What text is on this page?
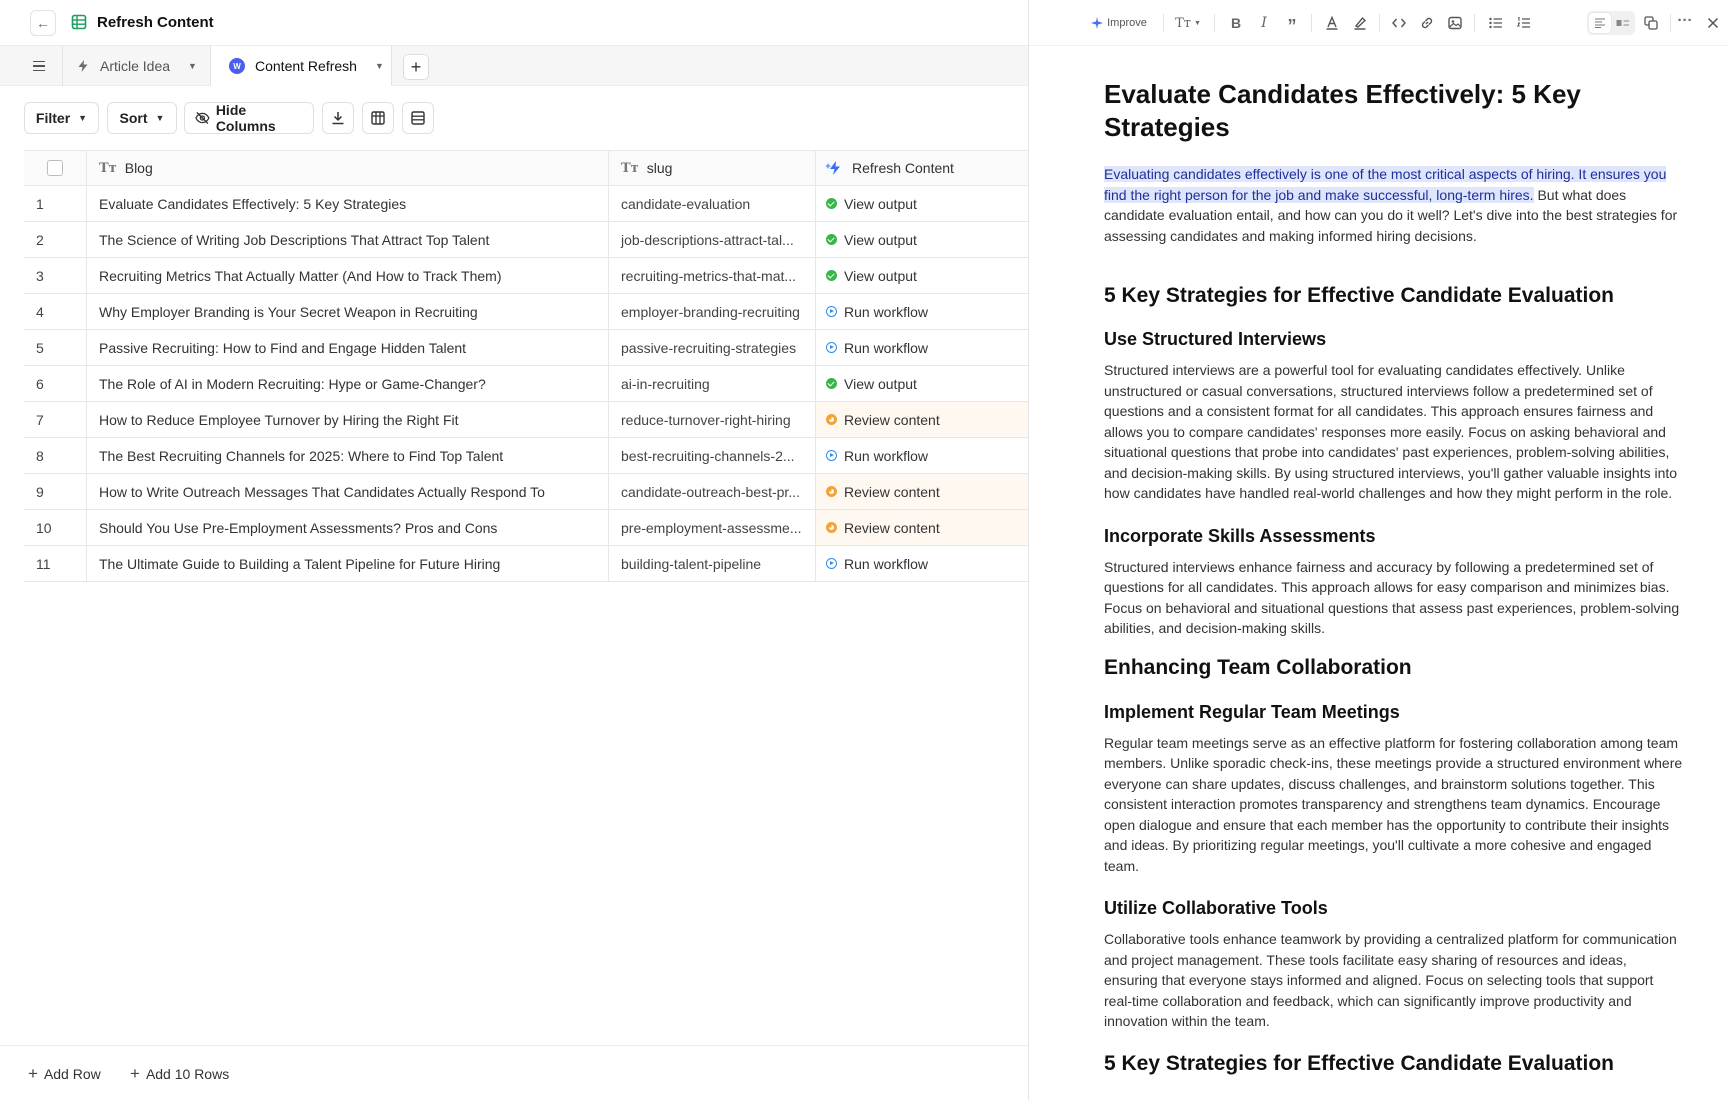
←	Refresh Content
Article Idea ▼	W	Content Refresh ▼ +
Filter ▼ Sort ▼	Hide Columns
Tт Blog	Tт slug	Refresh Content
1	Evaluate Candidates Effectively: 5 Key Strategies	candidate-evaluation	View output
2	The Science of Writing Job Descriptions That Attract Top Talent	job-descriptions-attract-tal...	View output
3	Recruiting Metrics That Actually Matter (And How to Track Them)	recruiting-metrics-that-mat...	View output
4	Why Employer Branding is Your Secret Weapon in Recruiting	employer-branding-recruiting	Run workflow
5	Passive Recruiting: How to Find and Engage Hidden Talent	passive-recruiting-strategies	Run workflow
6	The Role of AI in Modern Recruiting: Hype or Game-Changer?	ai-in-recruiting	View output
7	How to Reduce Employee Turnover by Hiring the Right Fit	reduce-turnover-right-hiring	Review content
8	The Best Recruiting Channels for 2025: Where to Find Top Talent	best-recruiting-channels-2...	Run workflow
9	How to Write Outreach Messages That Candidates Actually Respond To	candidate-outreach-best-pr...	Review content
10	Should You Use Pre-Employment Assessments? Pros and Cons	pre-employment-assessme...	Review content
11	The Ultimate Guide to Building a Talent Pipeline for Future Hiring	building-talent-pipeline	Run workflow
+ Add Row + Add 10 Rows
Improve Tт ▼ B I ”	···
Evaluate Candidates Effectively: 5 Key Strategies

Evaluating candidates effectively is one of the most critical aspects of hiring. It ensures you find the right person for the job and make successful, long-term hires. But what does candidate evaluation entail, and how can you do it well? Let's dive into the best strategies for assessing candidates and making informed hiring decisions.

5 Key Strategies for Effective Candidate Evaluation
Use Structured Interviews

Structured interviews are a powerful tool for evaluating candidates effectively. Unlike unstructured or casual conversations, structured interviews follow a predetermined set of questions and a consistent format for all candidates. This approach ensures fairness and allows you to compare candidates' responses more easily. Focus on asking behavioral and situational questions that probe into candidates' past experiences, problem-solving abilities, and decision-making skills. By using structured interviews, you'll gather valuable insights into how candidates have handled real-world challenges and how they might perform in the role.

Incorporate Skills Assessments

Structured interviews enhance fairness and accuracy by following a predetermined set of questions for all candidates. This approach allows for easy comparison and minimizes bias. Focus on behavioral and situational questions that assess past experiences, problem-solving abilities, and decision-making skills.

Enhancing Team Collaboration
Implement Regular Team Meetings

Regular team meetings serve as an effective platform for fostering collaboration among team members. Unlike sporadic check-ins, these meetings provide a structured environment where everyone can share updates, discuss challenges, and brainstorm solutions together. This consistent interaction promotes transparency and strengthens team dynamics. Encourage open dialogue and ensure that each member has the opportunity to contribute their insights and ideas. By prioritizing regular meetings, you'll cultivate a more cohesive and engaged team.

Utilize Collaborative Tools

Collaborative tools enhance teamwork by providing a centralized platform for communication and project management. These tools facilitate easy sharing of resources and ideas, ensuring that everyone stays informed and aligned. Focus on selecting tools that support real-time collaboration and feedback, which can significantly improve productivity and innovation within the team.

5 Key Strategies for Effective Candidate Evaluation
